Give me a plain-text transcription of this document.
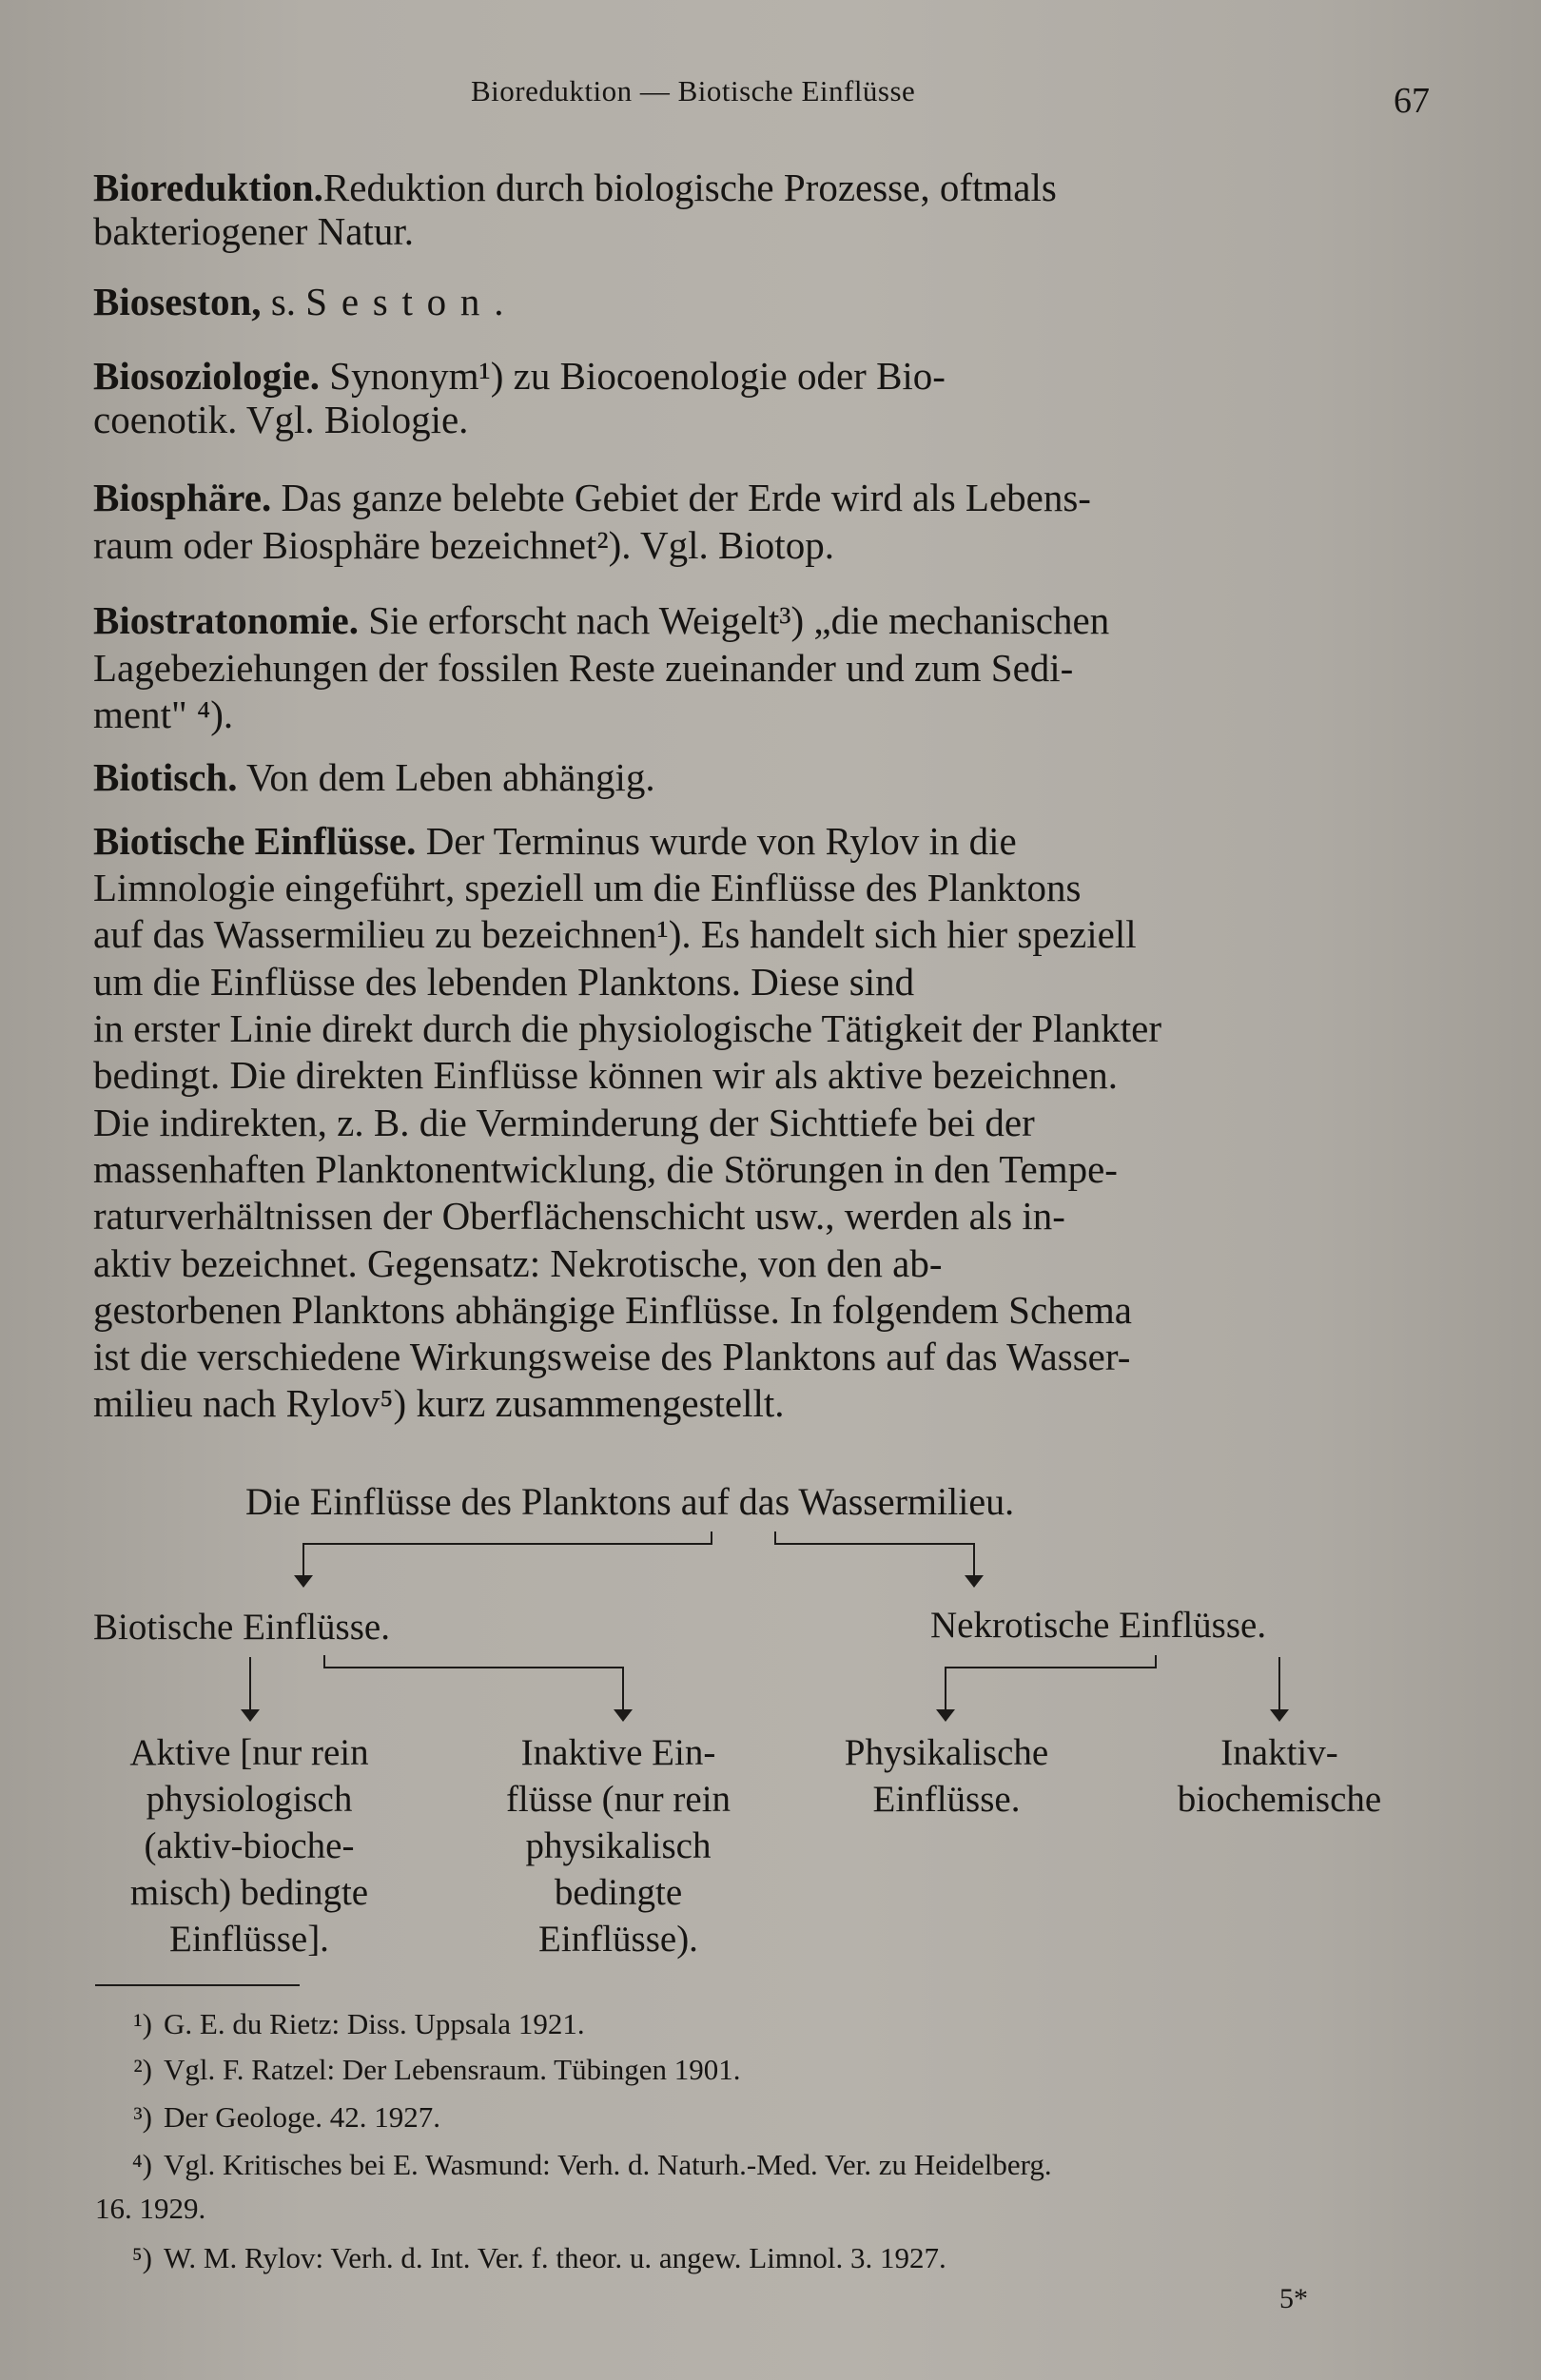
Bioreduktion — Biotische Einflüsse	67
Bioreduktion. Reduktion durch biologische Prozesse, oftmals
bakteriogener Natur.
Bioseston, s. Seston.
Biosoziologie. Synonym¹) zu Biocoenologie oder Bio-
coenotik. Vgl. Biologie.
Biosphäre. Das ganze belebte Gebiet der Erde wird als Lebens-
raum oder Biosphäre bezeichnet²). Vgl. Biotop.
Biostratonomie. Sie erforscht nach Weigelt³) „die mechanischen
Lagebeziehungen der fossilen Reste zueinander und zum Sedi-
ment" ⁴).
Biotisch. Von dem Leben abhängig.
Biotische Einflüsse. Der Terminus wurde von Rylov in die
Limnologie eingeführt, speziell um die Einflüsse des Planktons
auf das Wassermilieu zu bezeichnen¹). Es handelt sich hier speziell
um die Einflüsse des lebenden Planktons. Diese sind
in erster Linie direkt durch die physiologische Tätigkeit der Plankter
bedingt. Die direkten Einflüsse können wir als aktive bezeichnen.
Die indirekten, z. B. die Verminderung der Sichttiefe bei der
massenhaften Planktonentwicklung, die Störungen in den Tempe-
raturverhältnissen der Oberflächenschicht usw., werden als in-
aktiv bezeichnet. Gegensatz: Nekrotische, von den ab-
gestorbenen Planktons abhängige Einflüsse. In folgendem Schema
ist die verschiedene Wirkungsweise des Planktons auf das Wasser-
milieu nach Rylov⁵) kurz zusammengestellt.
Die Einflüsse des Planktons auf das Wassermilieu.
Biotische Einflüsse.	Nekrotische Einflüsse.
Aktive [nur rein
physiologisch
(aktiv-bioche-
misch) bedingte
Einflüsse].
Inaktive Ein-
flüsse (nur rein
physikalisch
bedingte
Einflüsse).
Physikalische
Einflüsse.
Inaktiv-
biochemische
¹) G. E. du Rietz: Diss. Uppsala 1921.
²) Vgl. F. Ratzel: Der Lebensraum. Tübingen 1901.
³) Der Geologe. 42. 1927.
⁴) Vgl. Kritisches bei E. Wasmund: Verh. d. Naturh.-Med. Ver. zu Heidelberg.
16. 1929.
⁵) W. M. Rylov: Verh. d. Int. Ver. f. theor. u. angew. Limnol. 3. 1927.
5*
